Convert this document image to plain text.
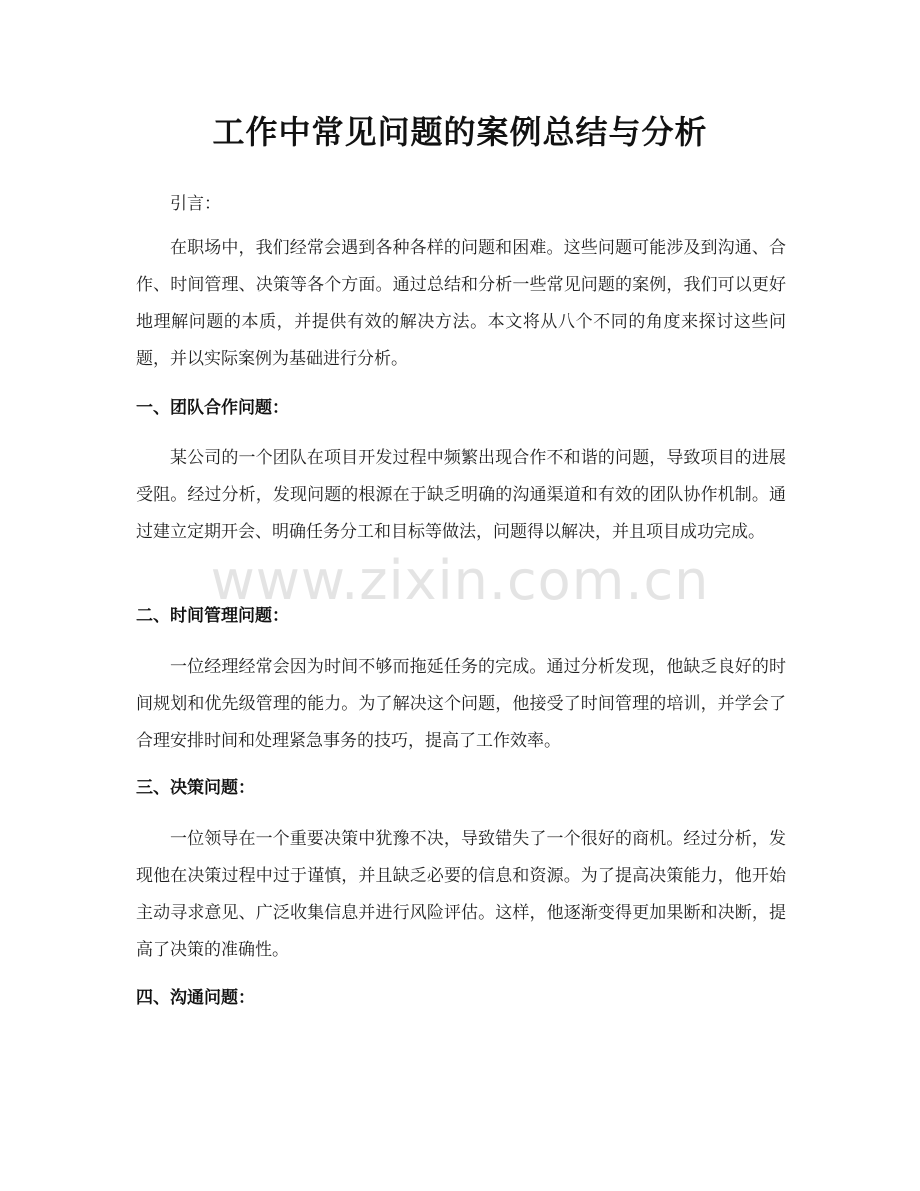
工作中常见问题的案例总结与分析
引言：
在职场中，我们经常会遇到各种各样的问题和困难。这些问题可能涉及到沟通、合作、时间管理、决策等各个方面。通过总结和分析一些常见问题的案例，我们可以更好地理解问题的本质，并提供有效的解决方法。本文将从八个不同的角度来探讨这些问题，并以实际案例为基础进行分析。
一、团队合作问题：
某公司的一个团队在项目开发过程中频繁出现合作不和谐的问题，导致项目的进展受阻。经过分析，发现问题的根源在于缺乏明确的沟通渠道和有效的团队协作机制。通过建立定期开会、明确任务分工和目标等做法，问题得以解决，并且项目成功完成。
www.zixin.com.cn
二、时间管理问题：
一位经理经常会因为时间不够而拖延任务的完成。通过分析发现，他缺乏良好的时间规划和优先级管理的能力。为了解决这个问题，他接受了时间管理的培训，并学会了合理安排时间和处理紧急事务的技巧，提高了工作效率。
三、决策问题：
一位领导在一个重要决策中犹豫不决，导致错失了一个很好的商机。经过分析，发现他在决策过程中过于谨慎，并且缺乏必要的信息和资源。为了提高决策能力，他开始主动寻求意见、广泛收集信息并进行风险评估。这样，他逐渐变得更加果断和决断，提高了决策的准确性。
四、沟通问题：
